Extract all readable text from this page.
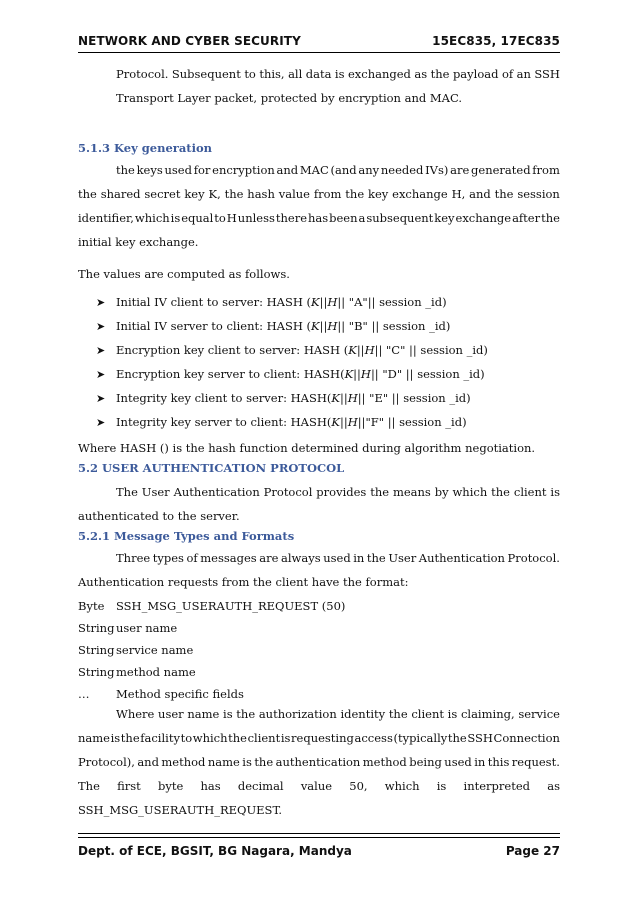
NETWORK AND CYBER SECURITY	15EC835, 17EC835
Protocol. Subsequent to this, all data is exchanged as the payload of an SSH
Transport Layer packet, protected by encryption and MAC.
5.1.3 Key generation
the keys used for encryption and MAC (and any needed IVs) are generated from
the shared secret key K, the hash value from the key exchange H, and the session
identifier, which is equal to H unless there has been a subsequent key exchange after the
initial key exchange.
The values are computed as follows.
➤ Initial IV client to server: HASH (K||H|| "A"|| session _id)
➤ Initial IV server to client: HASH (K||H|| "B" || session _id)
➤ Encryption key client to server: HASH (K||H|| "C" || session _id)
➤ Encryption key server to client: HASH(K||H|| "D" || session _id)
➤ Integrity key client to server: HASH(K||H|| "E" || session _id)
➤ Integrity key server to client: HASH(K||H||"F" || session _id)
Where HASH () is the hash function determined during algorithm negotiation.
5.2 USER AUTHENTICATION PROTOCOL
The User Authentication Protocol provides the means by which the client is
authenticated to the server.
5.2.1 Message Types and Formats
Three types of messages are always used in the User Authentication Protocol.
Authentication requests from the client have the format:
Byte SSH_MSG_USERAUTH_REQUEST (50)
String user name
String service name
String method name
… Method specific fields
Where user name is the authorization identity the client is claiming, service
name is the facility to which the client is requesting access (typically the SSH Connection
Protocol), and method name is the authentication method being used in this request.
The first byte has decimal value 50, which is interpreted as
SSH_MSG_USERAUTH_REQUEST.
Dept. of ECE, BGSIT, BG Nagara, Mandya	Page 27
